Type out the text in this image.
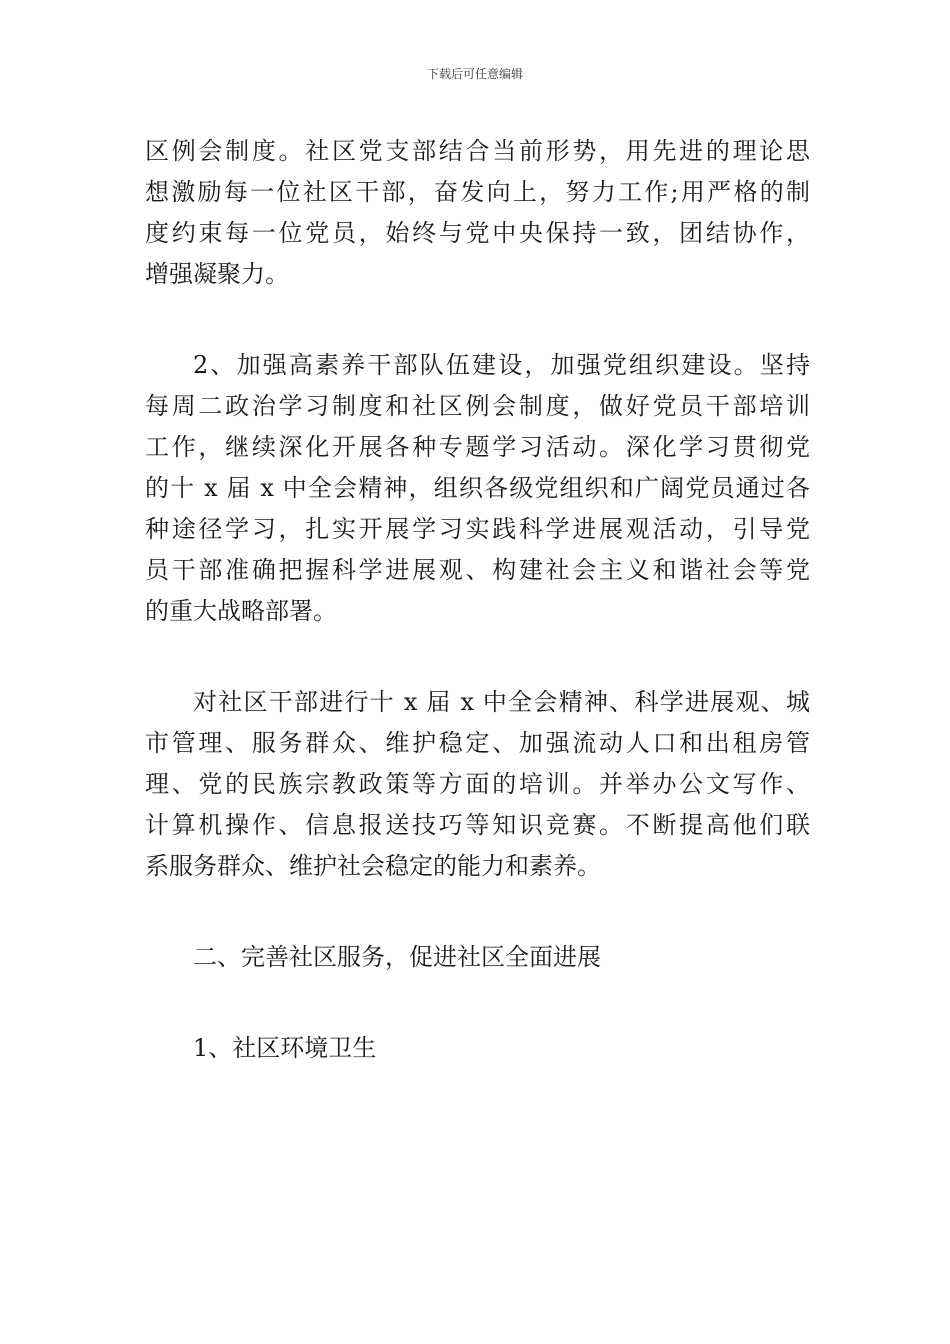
下载后可任意编辑
区例会制度。社区党支部结合当前形势，用先进的理论思
想激励每一位社区干部，奋发向上，努力工作;用严格的制
度约束每一位党员，始终与党中央保持一致，团结协作，
增强凝聚力。
2、加强高素养干部队伍建设，加强党组织建设。坚持
每周二政治学习制度和社区例会制度，做好党员干部培训
工作，继续深化开展各种专题学习活动。深化学习贯彻党
的十 x 届 x 中全会精神，组织各级党组织和广阔党员通过各
种途径学习，扎实开展学习实践科学进展观活动，引导党
员干部准确把握科学进展观、构建社会主义和谐社会等党
的重大战略部署。
对社区干部进行十 x 届 x 中全会精神、科学进展观、城
市管理、服务群众、维护稳定、加强流动人口和出租房管
理、党的民族宗教政策等方面的培训。并举办公文写作、
计算机操作、信息报送技巧等知识竞赛。不断提高他们联
系服务群众、维护社会稳定的能力和素养。
二、完善社区服务，促进社区全面进展
1、社区环境卫生
